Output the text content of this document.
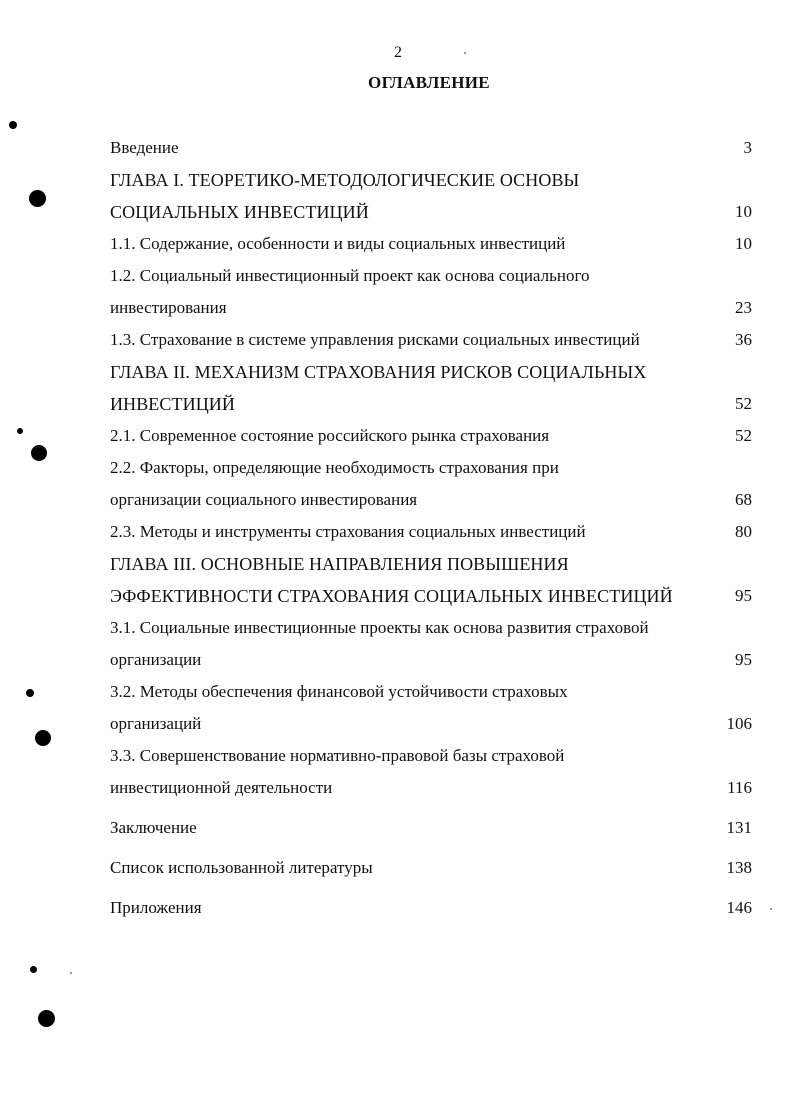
2
ОГЛАВЛЕНИЕ
Введение	3
ГЛАВА I. ТЕОРЕТИКО-МЕТОДОЛОГИЧЕСКИЕ ОСНОВЫ
СОЦИАЛЬНЫХ ИНВЕСТИЦИЙ	10
1.1. Содержание, особенности и виды социальных инвестиций	10
1.2. Социальный инвестиционный проект как основа социального
инвестирования	23
1.3. Страхование в системе управления рисками социальных инвестиций	36
ГЛАВА II. МЕХАНИЗМ СТРАХОВАНИЯ РИСКОВ СОЦИАЛЬНЫХ
ИНВЕСТИЦИЙ	52
2.1. Современное состояние российского рынка страхования	52
2.2. Факторы, определяющие необходимость страхования при
организации социального инвестирования	68
2.3. Методы и инструменты страхования социальных инвестиций	80
ГЛАВА III. ОСНОВНЫЕ НАПРАВЛЕНИЯ ПОВЫШЕНИЯ
ЭФФЕКТИВНОСТИ СТРАХОВАНИЯ СОЦИАЛЬНЫХ ИНВЕСТИЦИЙ	95
3.1. Социальные инвестиционные проекты как основа развития страховой
организации	95
3.2. Методы обеспечения финансовой устойчивости страховых
организаций	106
3.3. Совершенствование нормативно-правовой базы страховой
инвестиционной деятельности	116
Заключение	131
Список использованной литературы	138
Приложения	146
